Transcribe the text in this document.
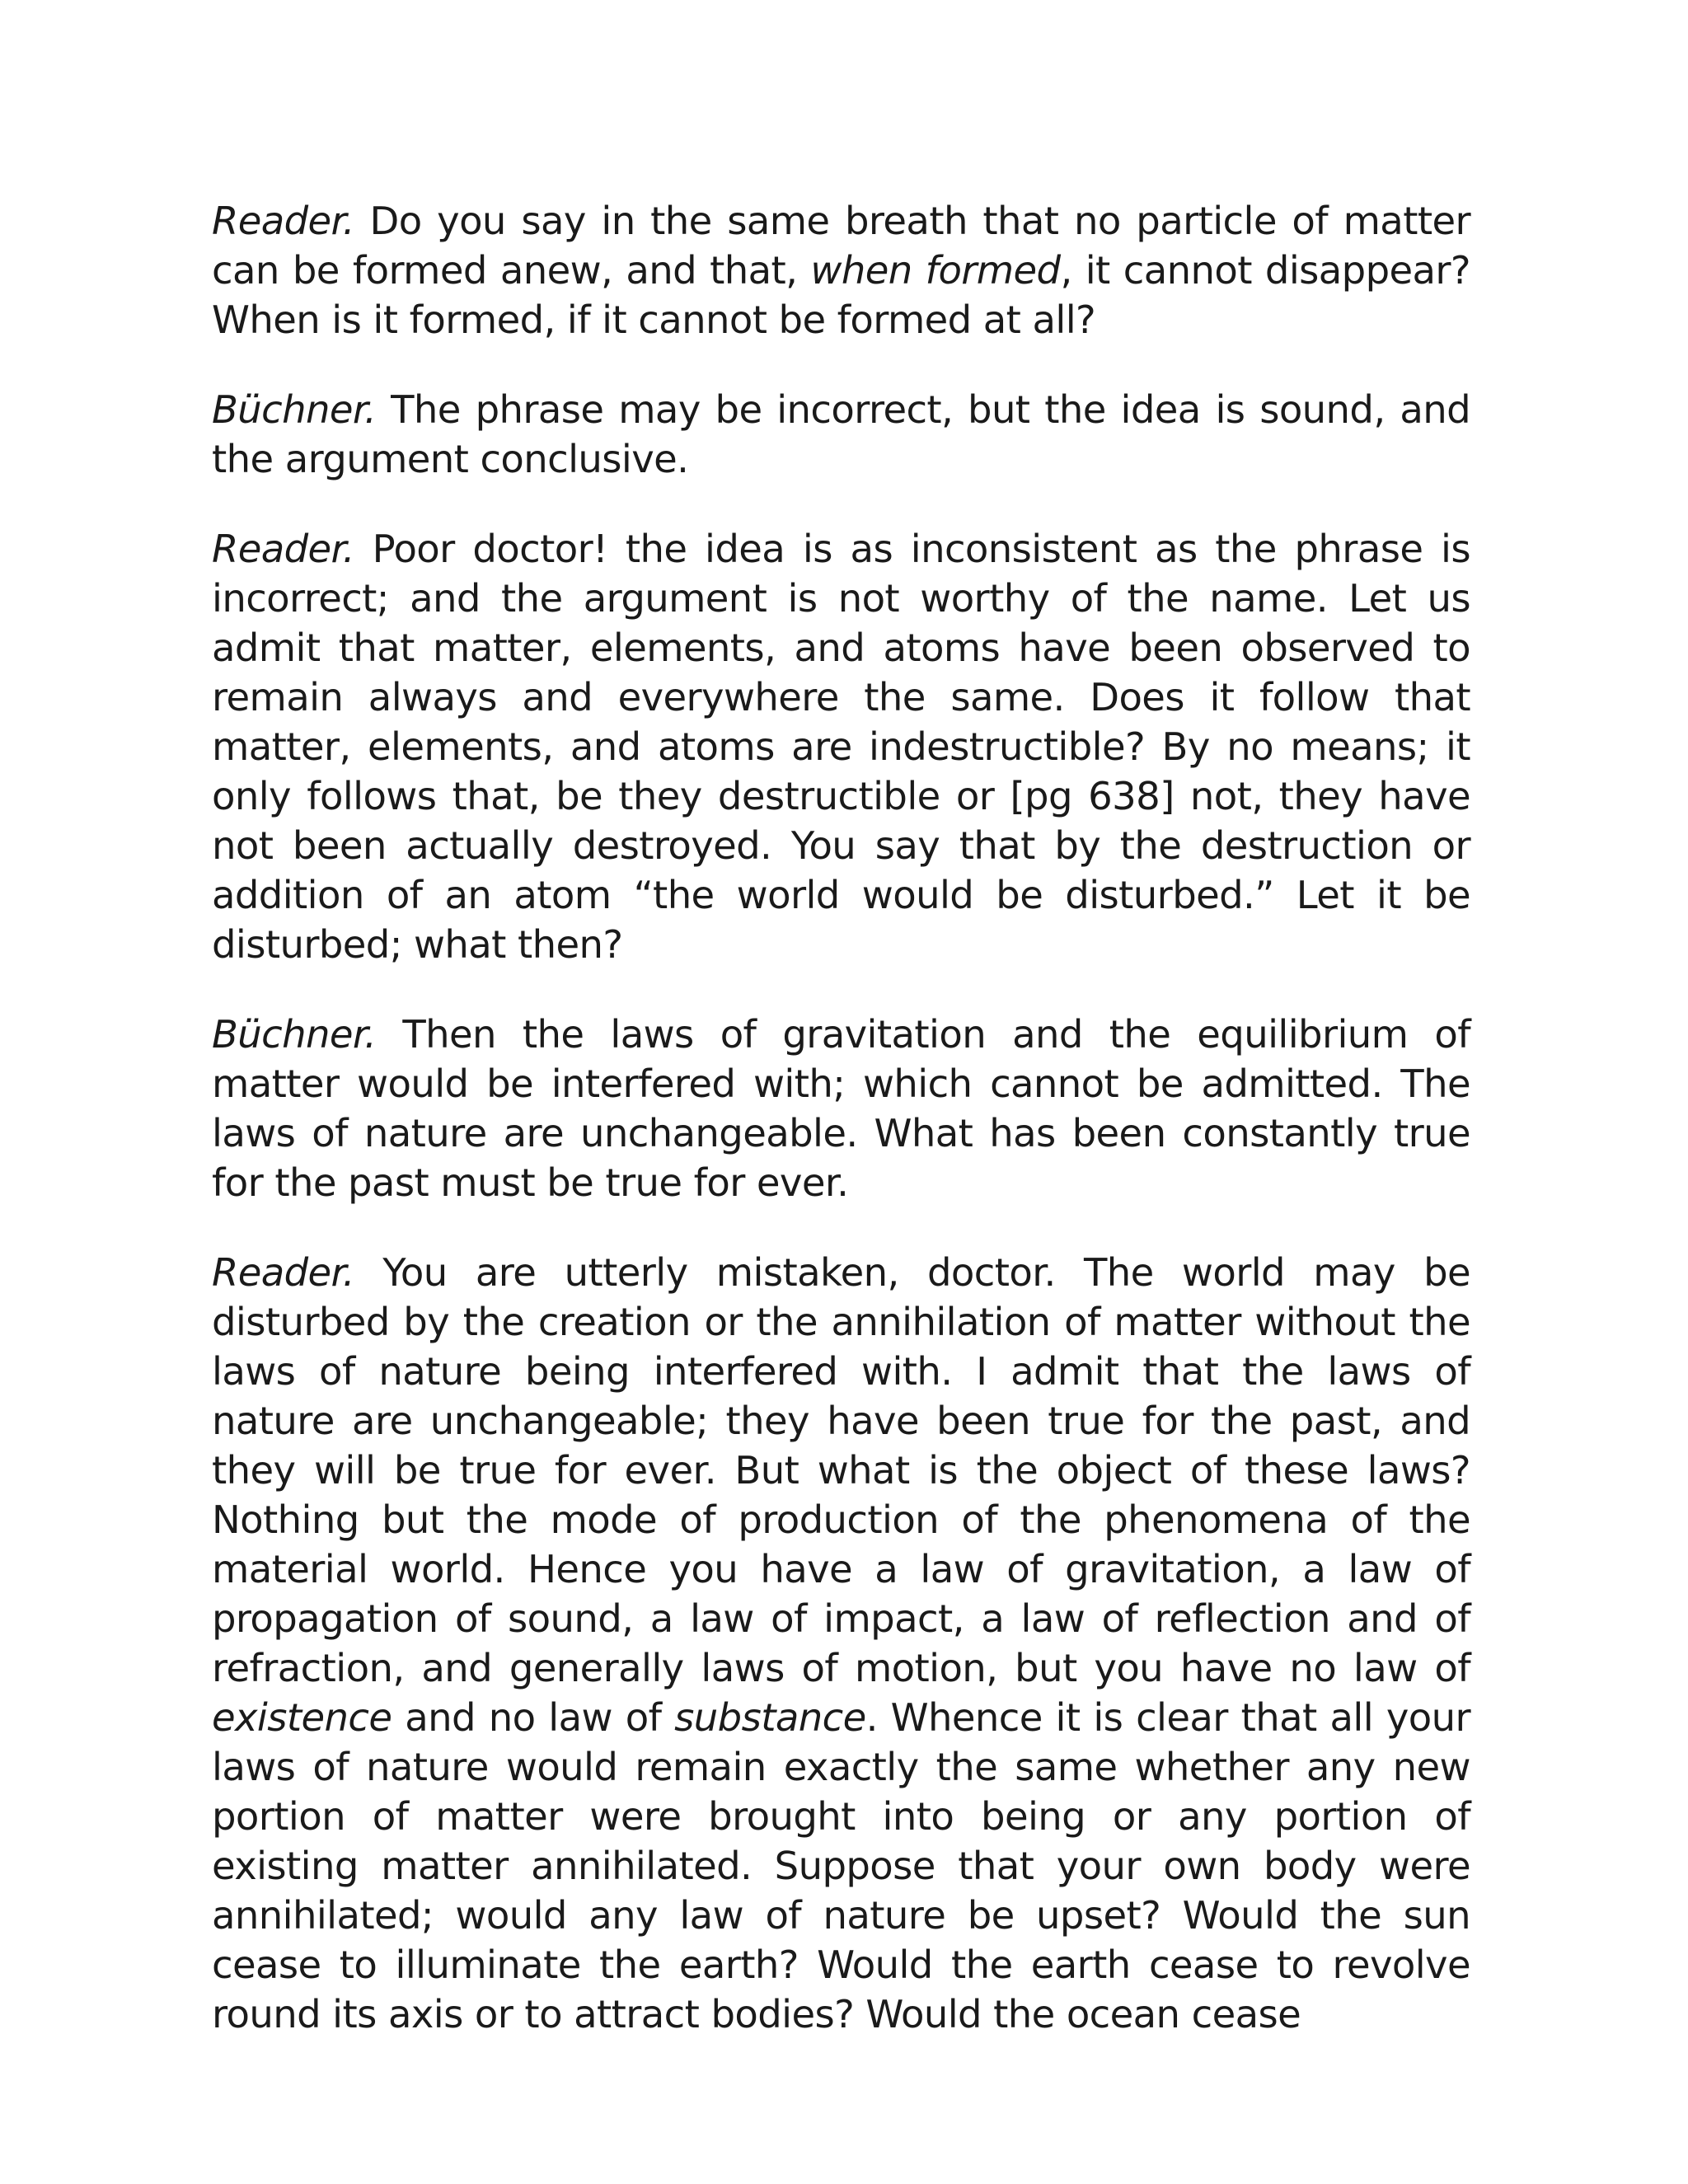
Reader. Do you say in the same breath that no particle of matter can be formed anew, and that, when formed, it cannot disappear? When is it formed, if it cannot be formed at all?

Büchner. The phrase may be incorrect, but the idea is sound, and the argument conclusive.

Reader. Poor doctor! the idea is as inconsistent as the phrase is incorrect; and the argument is not worthy of the name. Let us admit that matter, elements, and atoms have been observed to remain always and everywhere the same. Does it follow that matter, elements, and atoms are indestructible? By no means; it only follows that, be they destructible or [pg 638] not, they have not been actually destroyed. You say that by the destruction or addition of an atom “the world would be disturbed.” Let it be disturbed; what then?

Büchner. Then the laws of gravitation and the equilibrium of matter would be interfered with; which cannot be admitted. The laws of nature are unchangeable. What has been constantly true for the past must be true for ever.

Reader. You are utterly mistaken, doctor. The world may be disturbed by the creation or the annihilation of matter without the laws of nature being interfered with. I admit that the laws of nature are unchangeable; they have been true for the past, and they will be true for ever. But what is the object of these laws? Nothing but the mode of production of the phenomena of the material world. Hence you have a law of gravitation, a law of propagation of sound, a law of impact, a law of reflection and of refraction, and generally laws of motion, but you have no law of existence and no law of substance. Whence it is clear that all your laws of nature would remain exactly the same whether any new portion of matter were brought into being or any portion of existing matter annihilated. Suppose that your own body were annihilated; would any law of nature be upset? Would the sun cease to illuminate the earth? Would the earth cease to revolve round its axis or to attract bodies? Would the ocean cease
